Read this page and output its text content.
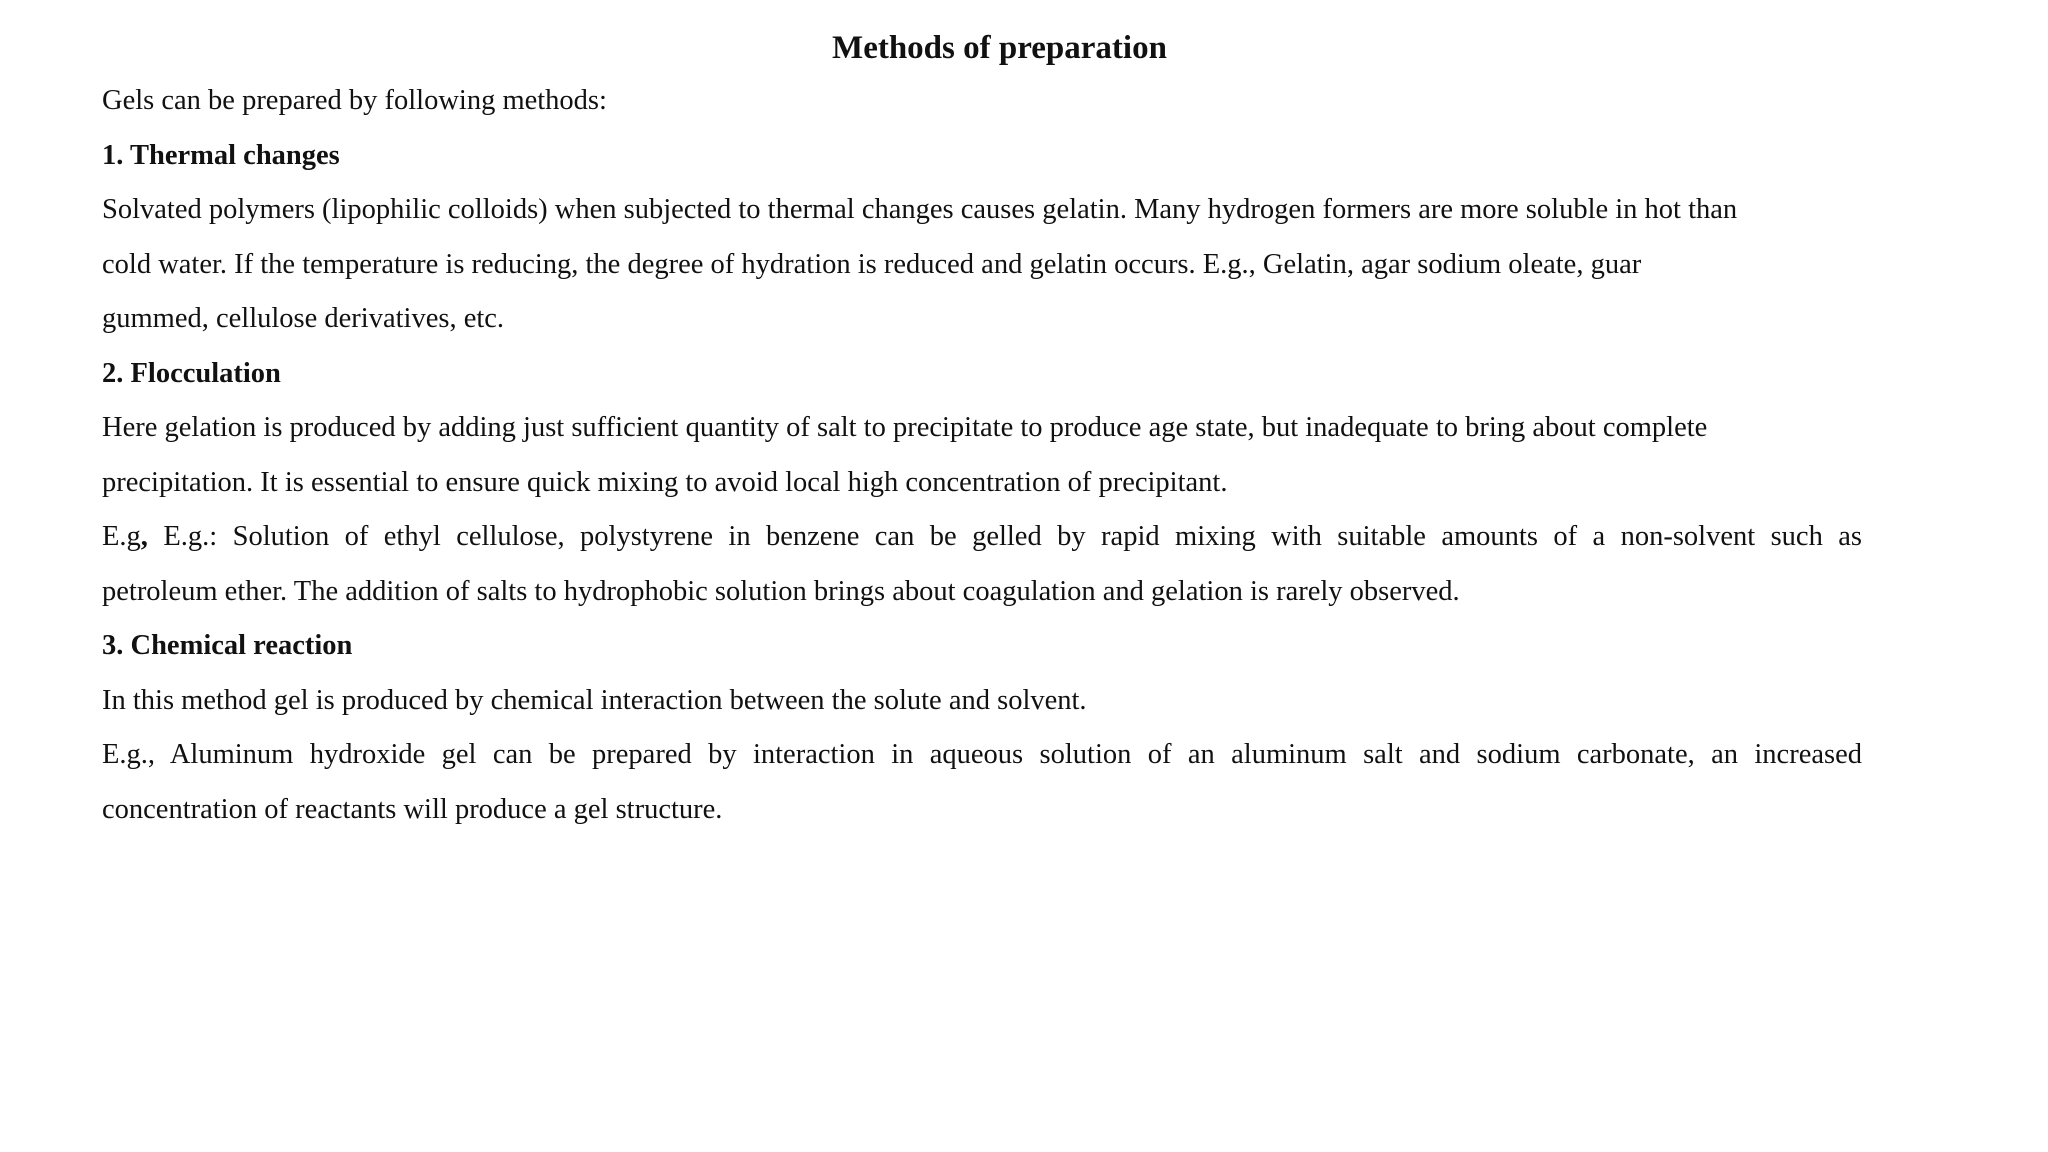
Methods of preparation

Gels can be prepared by following methods:

1. Thermal changes

Solvated polymers (lipophilic colloids) when subjected to thermal changes causes gelatin. Many hydrogen formers are more soluble in hot than

cold water. If the temperature is reducing, the degree of hydration is reduced and gelatin occurs. E.g., Gelatin, agar sodium oleate, guar

gummed, cellulose derivatives, etc.

2. Flocculation

Here gelation is produced by adding just sufficient quantity of salt to precipitate to produce age state, but inadequate to bring about complete

precipitation. It is essential to ensure quick mixing to avoid local high concentration of precipitant.

E.g, E.g.: Solution of ethyl cellulose, polystyrene in benzene can be gelled by rapid mixing with suitable amounts of a non-solvent such as

petroleum ether. The addition of salts to hydrophobic solution brings about coagulation and gelation is rarely observed.

3. Chemical reaction

In this method gel is produced by chemical interaction between the solute and solvent.

E.g., Aluminum hydroxide gel can be prepared by interaction in aqueous solution of an aluminum salt and sodium carbonate, an increased

concentration of reactants will produce a gel structure.
